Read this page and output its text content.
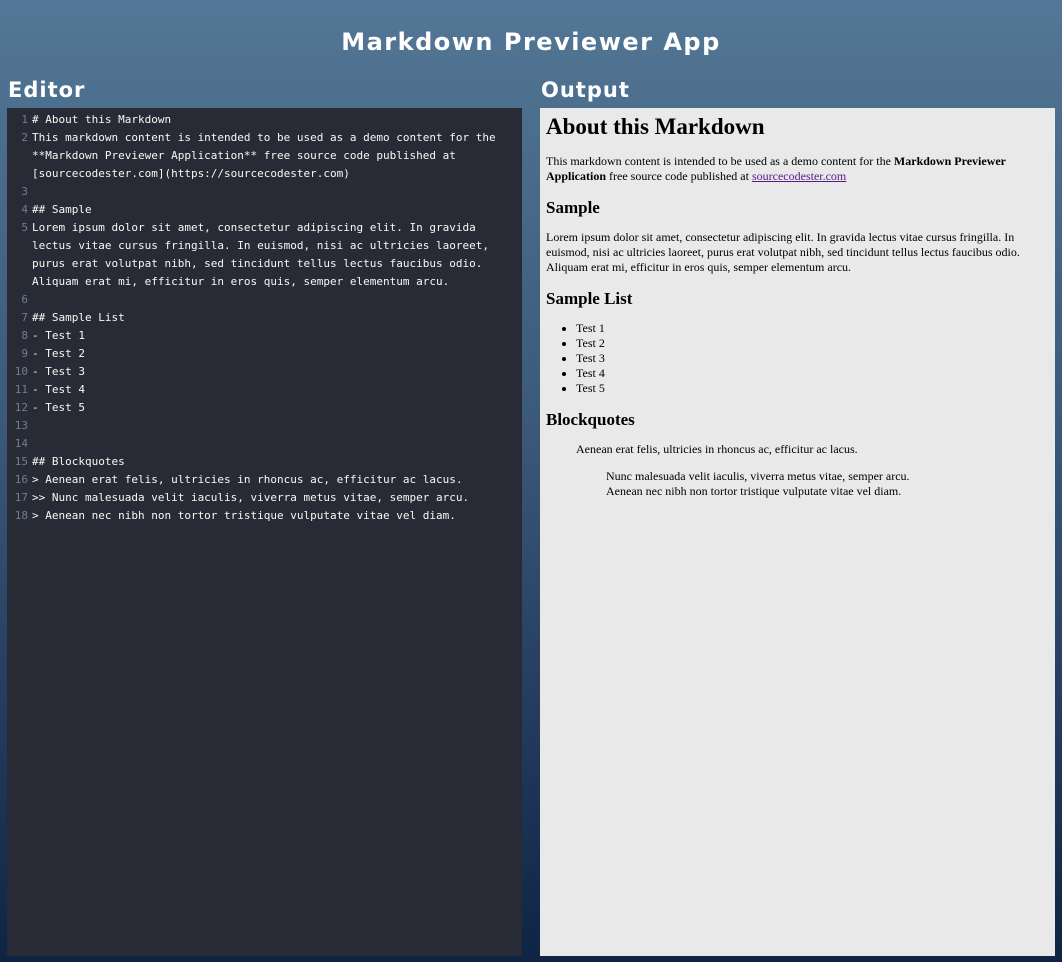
Markdown Previewer App
Editor	Output
1 # About this Markdown
2 This markdown content is intended to be used as a demo content for the **Markdown Previewer Application** free source code published at [sourcecodester.com](https://sourcecodester.com)
3
4 ## Sample
5 Lorem ipsum dolor sit amet, consectetur adipiscing elit. In gravida lectus vitae cursus fringilla. In euismod, nisi ac ultricies laoreet, purus erat volutpat nibh, sed tincidunt tellus lectus faucibus odio. Aliquam erat mi, efficitur in eros quis, semper elementum arcu.
6
7 ## Sample List
8 - Test 1
9 - Test 2
10 - Test 3
11 - Test 4
12 - Test 5
13
14
15 ## Blockquotes
16 > Aenean erat felis, ultricies in rhoncus ac, efficitur ac lacus.
17 >> Nunc malesuada velit iaculis, viverra metus vitae, semper arcu.
18 > Aenean nec nibh non tortor tristique vulputate vitae vel diam.
About this Markdown

This markdown content is intended to be used as a demo content for the Markdown Previewer Application free source code published at sourcecodester.com

Sample

Lorem ipsum dolor sit amet, consectetur adipiscing elit. In gravida lectus vitae cursus fringilla. In euismod, nisi ac ultricies laoreet, purus erat volutpat nibh, sed tincidunt tellus lectus faucibus odio. Aliquam erat mi, efficitur in eros quis, semper elementum arcu.

Sample List
• Test 1
• Test 2
• Test 3
• Test 4
• Test 5
Blockquotes
Aenean erat felis, ultricies in rhoncus ac, efficitur ac lacus.
Nunc malesuada velit iaculis, viverra metus vitae, semper arcu.
Aenean nec nibh non tortor tristique vulputate vitae vel diam.
